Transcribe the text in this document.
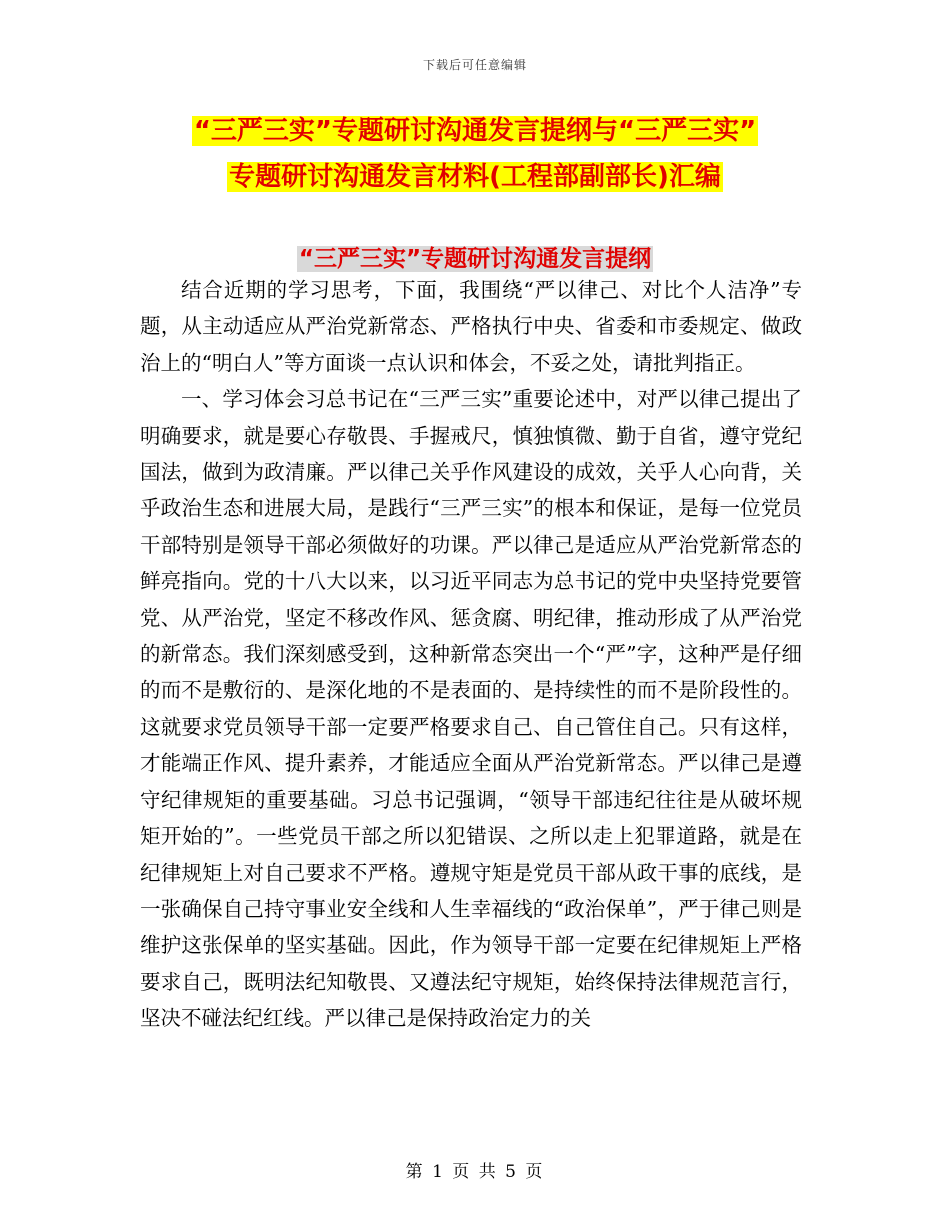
下载后可任意编辑
“三严三实”专题研讨沟通发言提纲与“三严三实”
专题研讨沟通发言材料(工程部副部长)汇编
“三严三实”专题研讨沟通发言提纲

结合近期的学习思考，下面，我围绕“严以律己、对比个人洁净”专题，从主动适应从严治党新常态、严格执行中央、省委和市委规定、做政治上的“明白人”等方面谈一点认识和体会，不妥之处，请批判指正。

一、学习体会习总书记在“三严三实”重要论述中，对严以律己提出了明确要求，就是要心存敬畏、手握戒尺，慎独慎微、勤于自省，遵守党纪国法，做到为政清廉。严以律己关乎作风建设的成效，关乎人心向背，关乎政治生态和进展大局，是践行“三严三实”的根本和保证，是每一位党员干部特别是领导干部必须做好的功课。严以律己是适应从严治党新常态的鲜亮指向。党的十八大以来，以习近平同志为总书记的党中央坚持党要管党、从严治党，坚定不移改作风、惩贪腐、明纪律，推动形成了从严治党的新常态。我们深刻感受到，这种新常态突出一个“严”字，这种严是仔细的而不是敷衍的、是深化地的不是表面的、是持续性的而不是阶段性的。这就要求党员领导干部一定要严格要求自己、自己管住自己。只有这样，才能端正作风、提升素养，才能适应全面从严治党新常态。严以律己是遵守纪律规矩的重要基础。习总书记强调，“领导干部违纪往往是从破坏规矩开始的”。一些党员干部之所以犯错误、之所以走上犯罪道路，就是在纪律规矩上对自己要求不严格。遵规守矩是党员干部从政干事的底线，是一张确保自己持守事业安全线和人生幸福线的“政治保单”，严于律己则是维护这张保单的坚实基础。因此，作为领导干部一定要在纪律规矩上严格要求自己，既明法纪知敬畏、又遵法纪守规矩，始终保持法律规范言行，坚决不碰法纪红线。严以律己是保持政治定力的关

第 1 页 共 5 页
